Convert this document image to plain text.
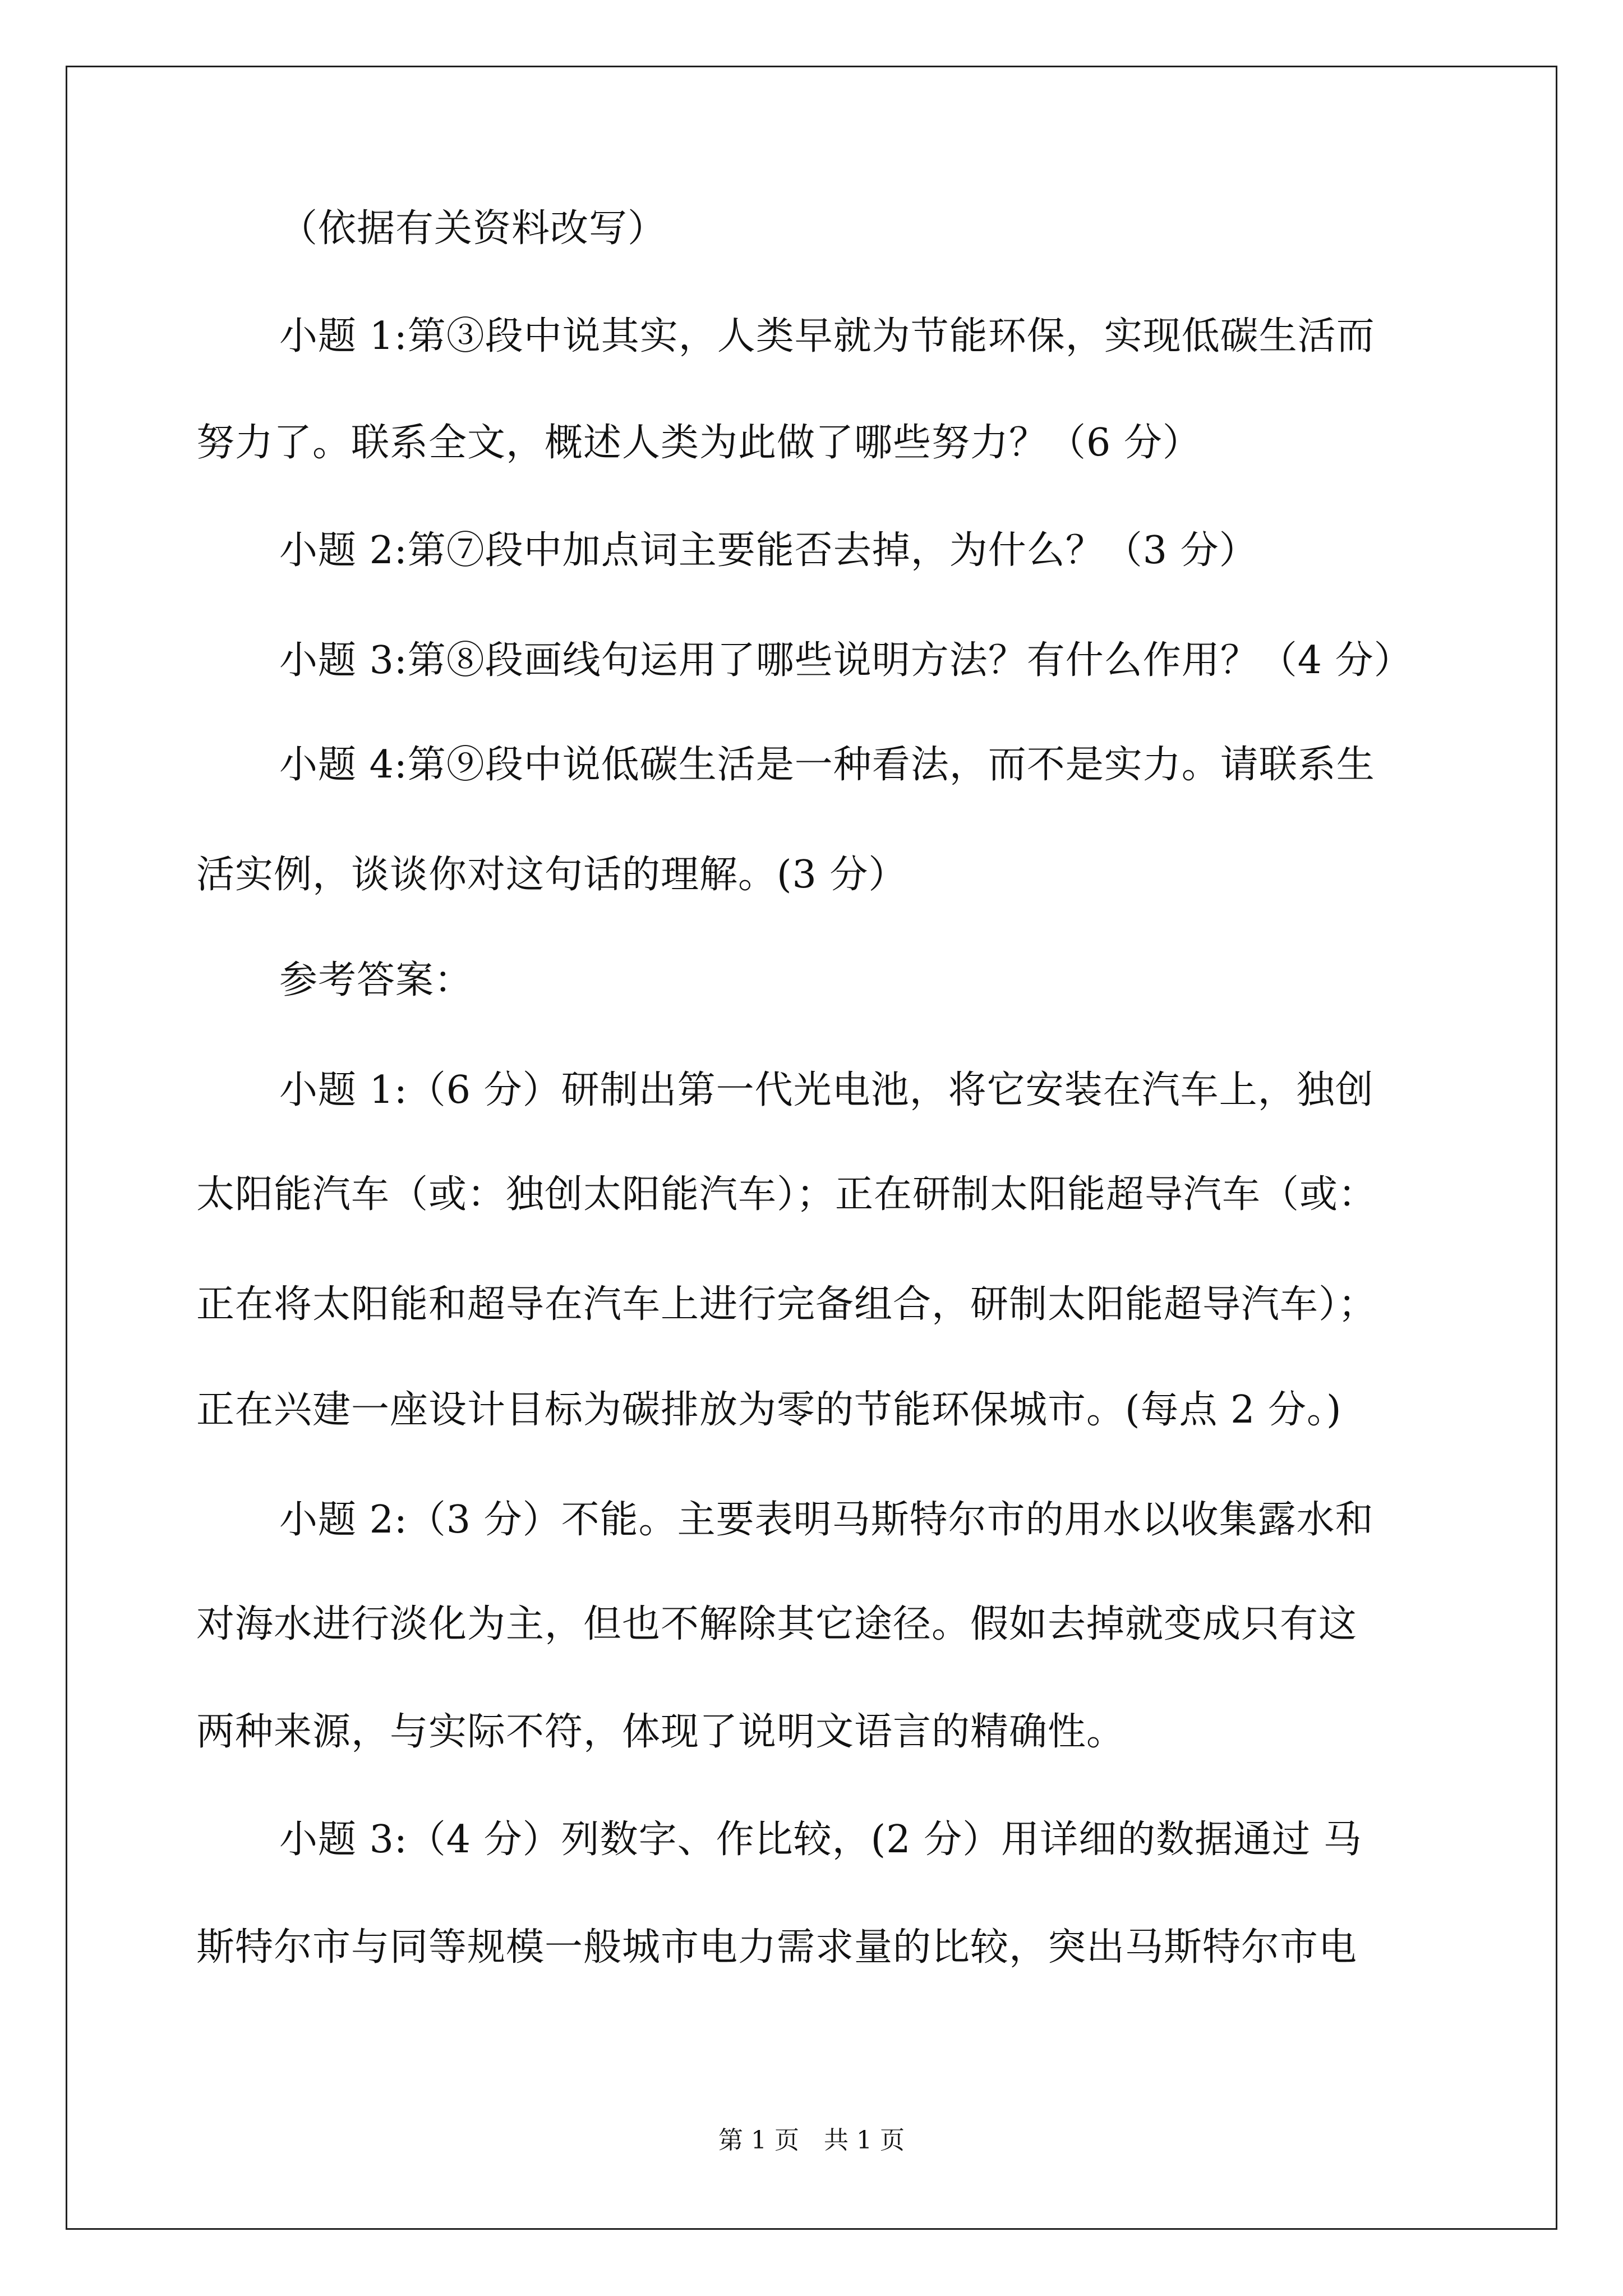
（依据有关资料改写）
小题 1:第③段中说其实，人类早就为节能环保，实现低碳生活而
努力了。联系全文，概述人类为此做了哪些努力？（6 分）
小题 2:第⑦段中加点词主要能否去掉，为什么？（3 分）
小题 3:第⑧段画线句运用了哪些说明方法？有什么作用？（4 分）
小题 4:第⑨段中说低碳生活是一种看法，而不是实力。请联系生
活实例，谈谈你对这句话的理解。(3 分）
参考答案：
小题 1:（6 分）研制出第一代光电池，将它安装在汽车上，独创
太阳能汽车（或：独创太阳能汽车）；正在研制太阳能超导汽车（或：
正在将太阳能和超导在汽车上进行完备组合，研制太阳能超导汽车）；
正在兴建一座设计目标为碳排放为零的节能环保城市。(每点 2 分。)
小题 2:（3 分）不能。主要表明马斯特尔市的用水以收集露水和
对海水进行淡化为主，但也不解除其它途径。假如去掉就变成只有这
两种来源，与实际不符，体现了说明文语言的精确性。
小题 3:（4 分）列数字、作比较，(2 分）用详细的数据通过 马
斯特尔市与同等规模一般城市电力需求量的比较，突出马斯特尔市电
第 1 页　共 1 页
